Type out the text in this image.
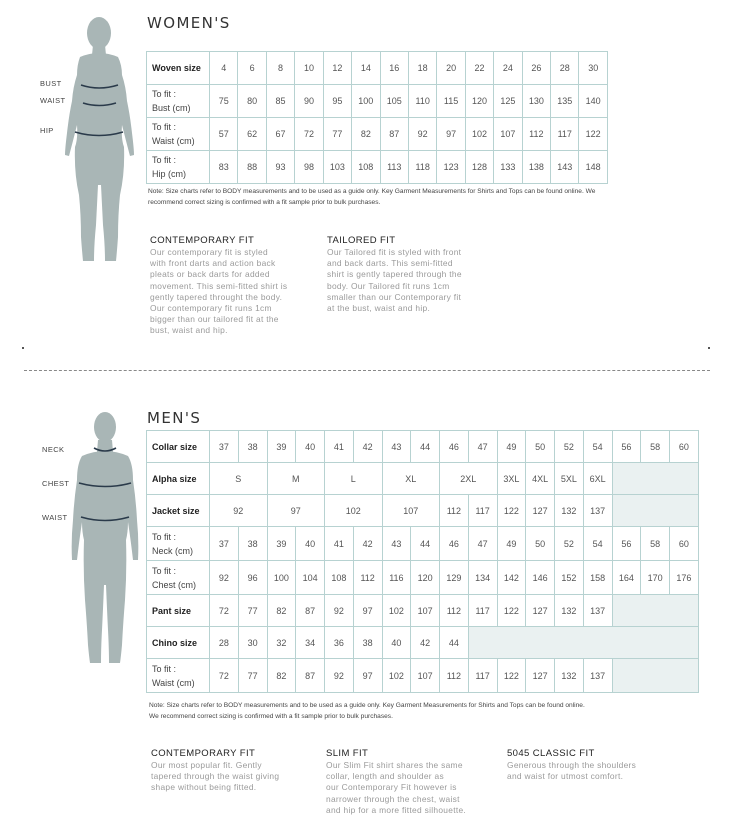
BUST
WAIST
HIP
WOMEN'S
Woven size	4	6	8	10	12	14	16	18	20	22	24	26	28	30
To fit :
Bust (cm)	75	80	85	90	95	100	105	110	115	120	125	130	135	140
To fit :
Waist (cm)	57	62	67	72	77	82	87	92	97	102	107	112	117	122
To fit :
Hip (cm)	83	88	93	98	103	108	113	118	123	128	133	138	143	148
Note: Size charts refer to BODY measurements and to be used as a guide only. Key Garment Measurements for Shirts and Tops can be found online. We recommend correct sizing is confirmed with a fit sample prior to bulk purchases.
CONTEMPORARY FIT
Our contemporary fit is styled
with front darts and action back
pleats or back darts for added
movement. This semi-fitted shirt is
gently tapered throught the body.
Our contemporary fit runs 1cm
bigger than our tailored fit at the
bust, waist and hip.
TAILORED FIT
Our Tailored fit is styled with front
and back darts. This semi-fitted
shirt is gently tapered through the
body. Our Tailored fit runs 1cm
smaller than our Contemporary fit
at the bust, waist and hip.
NECK
CHEST
WAIST
MEN'S
Collar size	37	38	39	40	41	42	43	44	46	47	49	50	52	54	56	58	60
Alpha size	S		M		L		XL		2XL		3XL	4XL	5XL	6XL			
Jacket size	92		97		102		107		112	117	122	127	132	137			
To fit :
Neck (cm)	37	38	39	40	41	42	43	44	46	47	49	50	52	54	56	58	60
To fit :
Chest (cm)	92	96	100	104	108	112	116	120	129	134	142	146	152	158	164	170	176
Pant size	72	77	82	87	92	97	102	107	112	117	122	127	132	137			
Chino size	28	30	32	34	36	38	40	42	44								
To fit :
Waist (cm)	72	77	82	87	92	97	102	107	112	117	122	127	132	137			
Note: Size charts refer to BODY measurements and to be used as a guide only. Key Garment Measurements for Shirts and Tops can be found online.
We recommend correct sizing is confirmed with a fit sample prior to bulk purchases.
CONTEMPORARY FIT
Our most popular fit. Gently
tapered through the waist giving
shape without being fitted.
SLIM FIT
Our Slim Fit shirt shares the same
collar, length and shoulder as
our Contemporary Fit however is
narrower through the chest, waist
and hip for a more fitted silhouette.
5045 CLASSIC FIT
Generous through the shoulders
and waist for utmost comfort.
